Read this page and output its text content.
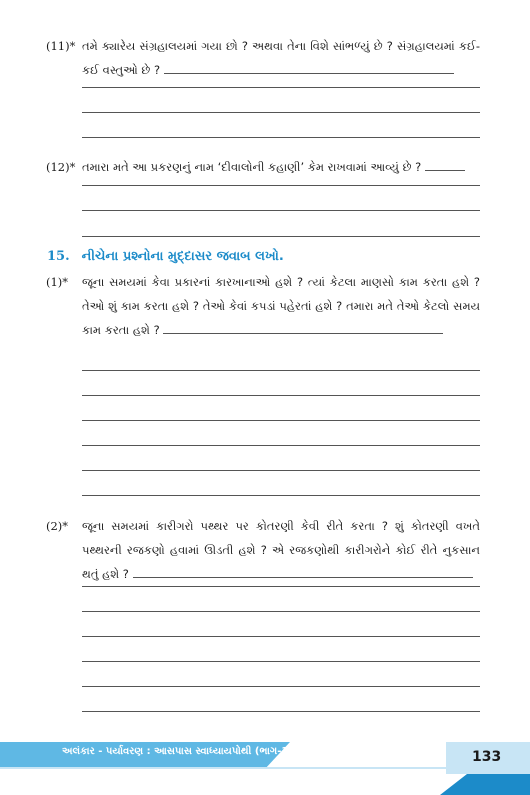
(11)* તમે ક્યારેય સંગ્રહાલયમાં ગયા છો ? અથવા તેના વિશે સાંભળ્યું છે ? સંગ્રહાલયમાં કઈ-કઈ વસ્તુઓ છે ?
(12)* તમારા મતે આ પ્રકરણનું નામ ‘દીવાલોની કહાણી’ કેમ રાખવામાં આવ્યું છે ?
15. નીચેના પ્રશ્નોના મુદ્દાસર જવાબ લખો.
(1)*	જૂના સમયમાં કેવા પ્રકારનાં કારખાનાઓ હશે ? ત્યાં કેટલા માણસો કામ કરતા હશે ? તેઓ શું કામ કરતા હશે ? તેઓ કેવાં કપડાં પહેરતાં હશે ? તમારા મતે તેઓ કેટલો સમય કામ કરતા હશે ?
(2)*	જૂના સમયમાં કારીગરો પથ્થર પર કોતરણી કેવી રીતે કરતા ? શું કોતરણી વખતે પથ્થરની રજકણો હવામાં ઊડતી હશે ? એ રજકણોથી કારીગરોને કોઈ રીતે નુકસાન થતું હશે ?
અલંકાર - પર્યાવરણ : આસપાસ સ્વાધ્યાયપોથી (ભાગ-1) ધોરણ-5	133
